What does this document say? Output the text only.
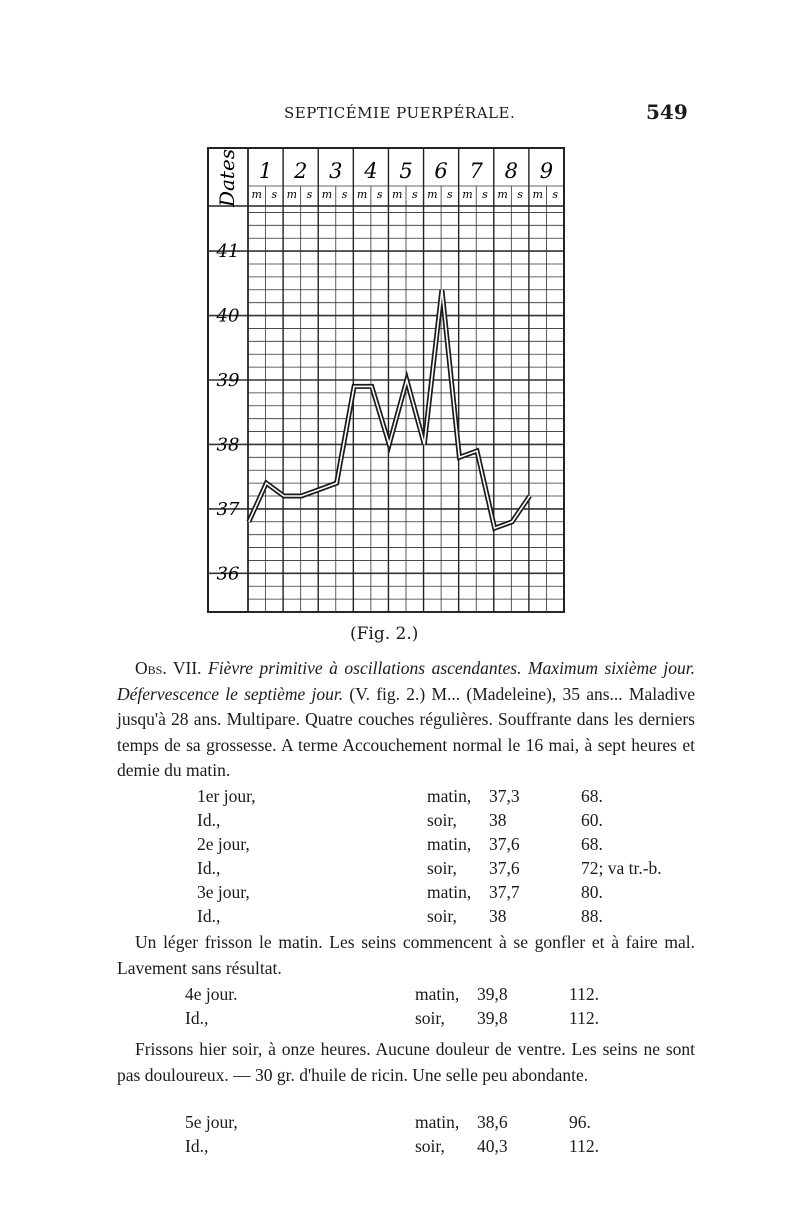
SEPTICÉMIE PUERPÉRALE.	549
Dates 1
m s
2
m s
3
m s
4
m s
5
m s
6
m s
7
m s
8
m s
9
m s
41
40
39
38
37
36
(Fig. 2.)
Obs. VII. Fièvre primitive à oscillations ascendantes. Maximum sixième jour. Défervescence le septième jour. (V. fig. 2.) M... (Madeleine), 35 ans... Maladive jusqu'à 28 ans. Multipare. Quatre couches régulières. Souffrante dans les derniers temps de sa grossesse. A terme Accouchement normal le 16 mai, à sept heures et demie du matin.
1er jour,	matin, 37,3	68.
Id.,	soir, 38	60.
2e jour,	matin, 37,6	68.
Id.,	soir, 37,6	72; va tr.-b.
3e jour,	matin, 37,7	80.
Id.,	soir, 38	88.
Un léger frisson le matin. Les seins commencent à se gonfler et à faire mal. Lavement sans résultat.
4e jour.	matin, 39,8	112.
Id.,	soir, 39,8	112.
Frissons hier soir, à onze heures. Aucune douleur de ventre. Les seins ne sont pas douloureux. — 30 gr. d'huile de ricin. Une selle peu abondante.
5e jour,	matin, 38,6	96.
Id.,	soir, 40,3	112.
